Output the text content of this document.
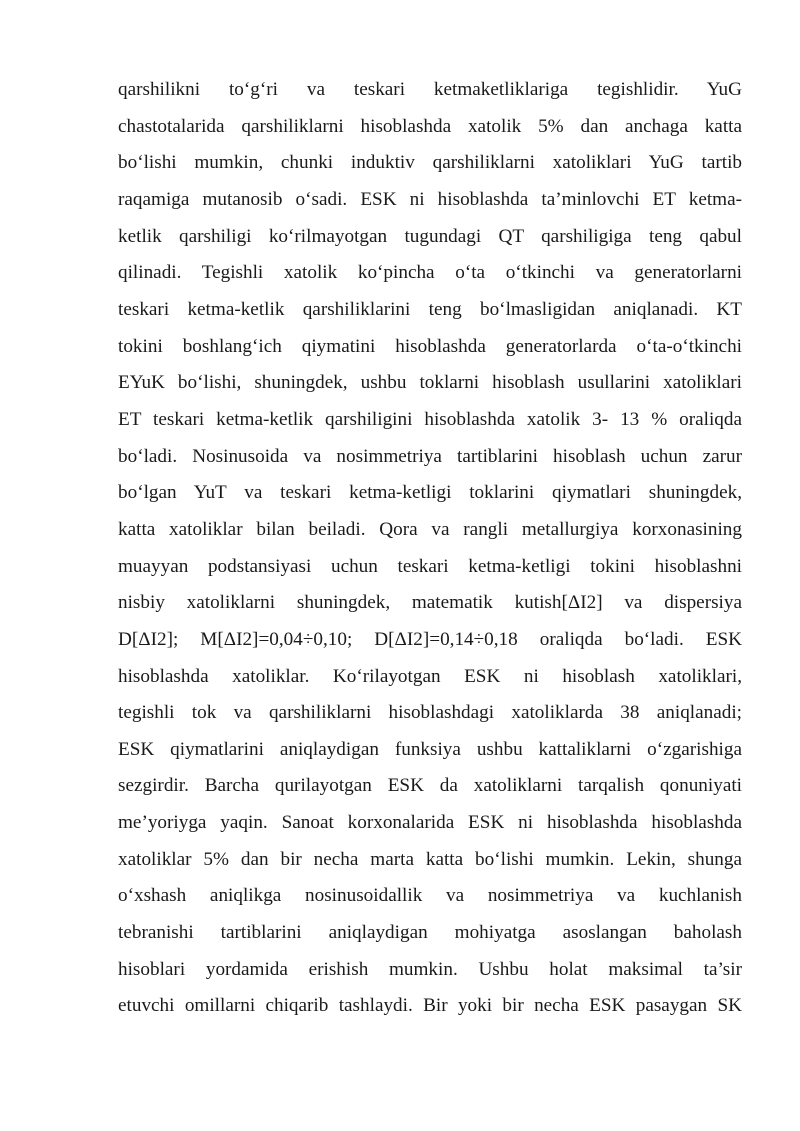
qarshilikni to‘g‘ri va teskari ketmaketliklariga tegishlidir. YuG
chastotalarida qarshiliklarni hisoblashda xatolik 5% dan anchaga katta
bo‘lishi mumkin, chunki induktiv qarshiliklarni xatoliklari YuG tartib
raqamiga mutanosib o‘sadi. ESK ni hisoblashda ta’minlovchi ET ketma-
ketlik qarshiligi ko‘rilmayotgan tugundagi QT qarshiligiga teng qabul
qilinadi. Tegishli xatolik ko‘pincha o‘ta o‘tkinchi va generatorlarni
teskari ketma-ketlik qarshiliklarini teng bo‘lmasligidan aniqlanadi. KT
tokini boshlang‘ich qiymatini hisoblashda generatorlarda o‘ta-o‘tkinchi
EYuK bo‘lishi, shuningdek, ushbu toklarni hisoblash usullarini xatoliklari
ET teskari ketma-ketlik qarshiligini hisoblashda xatolik 3- 13 % oraliqda
bo‘ladi. Nosinusoida va nosimmetriya tartiblarini hisoblash uchun zarur
bo‘lgan YuT va teskari ketma-ketligi toklarini qiymatlari shuningdek,
katta xatoliklar bilan beiladi. Qora va rangli metallurgiya korxonasining
muayyan podstansiyasi uchun teskari ketma-ketligi tokini hisoblashni
nisbiy xatoliklarni shuningdek, matematik kutish[ΔI2] va dispersiya
D[ΔI2]; M[ΔI2]=0,04÷0,10; D[ΔI2]=0,14÷0,18 oraliqda bo‘ladi. ESK
hisoblashda xatoliklar. Ko‘rilayotgan ESK ni hisoblash xatoliklari,
tegishli tok va qarshiliklarni hisoblashdagi xatoliklarda 38 aniqlanadi;
ESK qiymatlarini aniqlaydigan funksiya ushbu kattaliklarni o‘zgarishiga
sezgirdir. Barcha qurilayotgan ESK da xatoliklarni tarqalish qonuniyati
me’yoriyga yaqin. Sanoat korxonalarida ESK ni hisoblashda hisoblashda
xatoliklar 5% dan bir necha marta katta bo‘lishi mumkin. Lekin, shunga
o‘xshash aniqlikga nosinusoidallik va nosimmetriya va kuchlanish
tebranishi tartiblarini aniqlaydigan mohiyatga asoslangan baholash
hisoblari yordamida erishish mumkin. Ushbu holat maksimal ta’sir
etuvchi omillarni chiqarib tashlaydi. Bir yoki bir necha ESK pasaygan SK
